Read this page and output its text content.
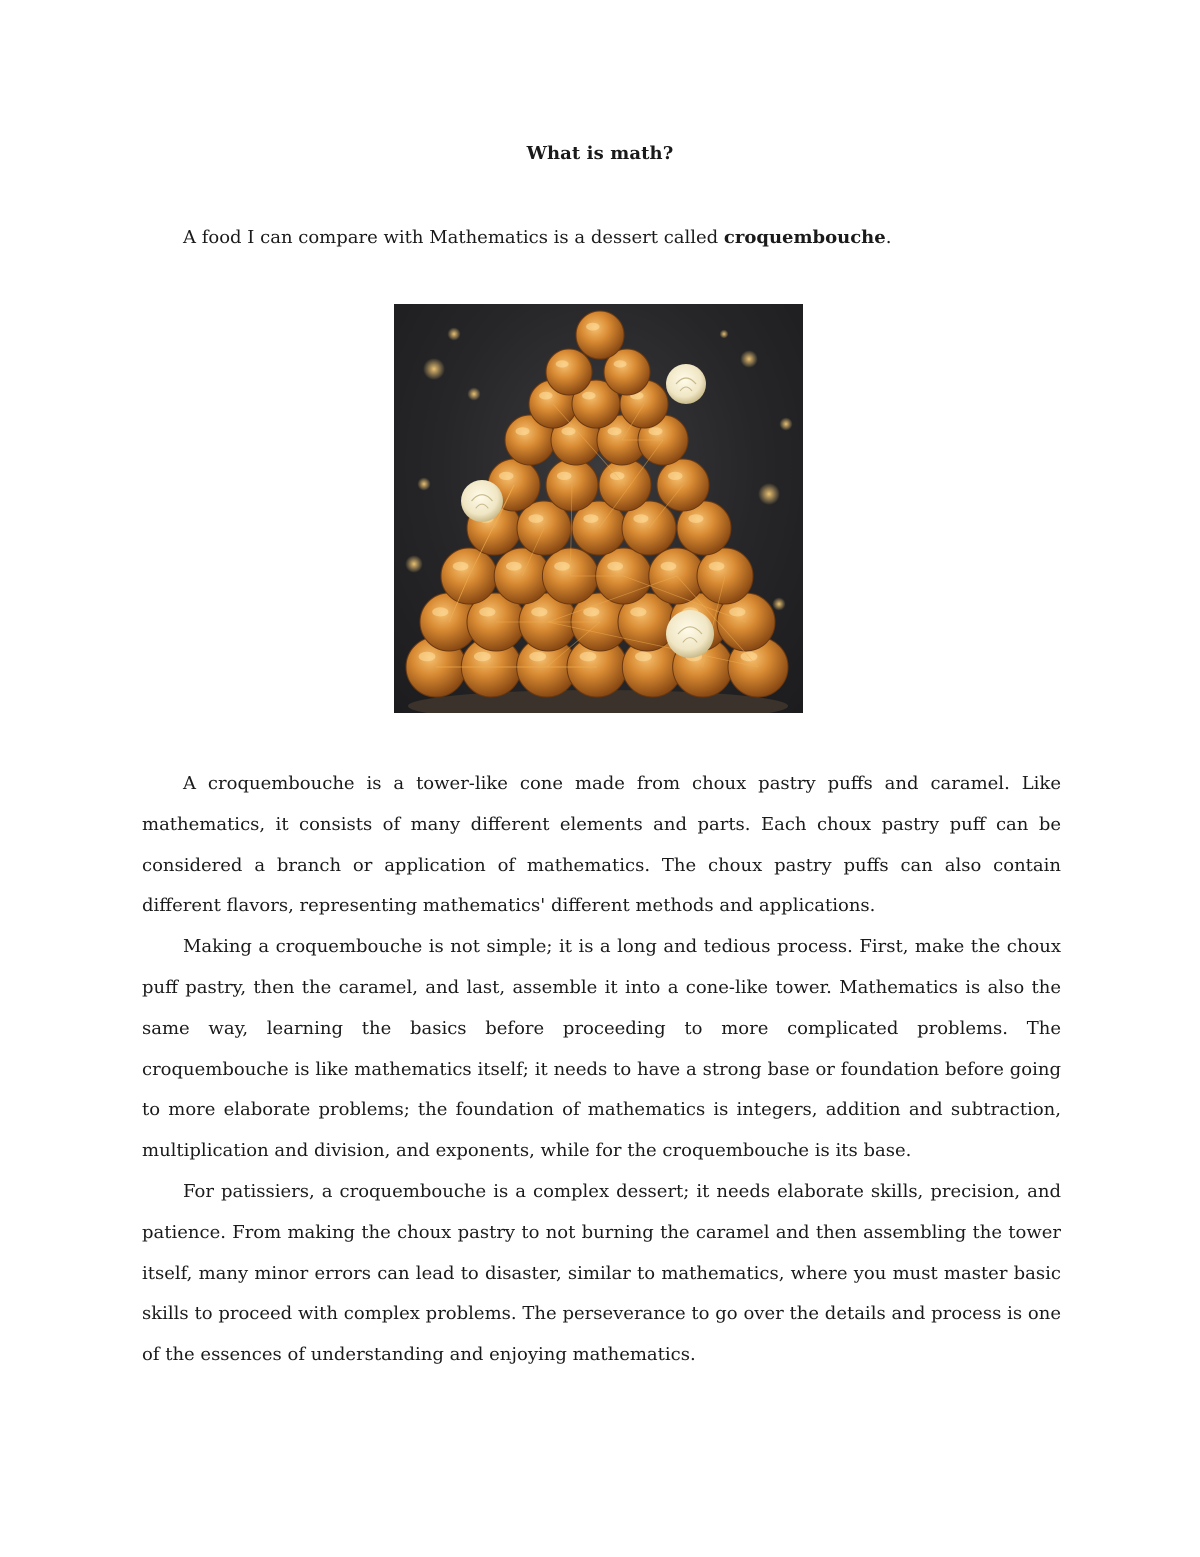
What is math?
A food I can compare with Mathematics is a dessert called croquembouche.

A croquembouche is a tower-like cone made from choux pastry puffs and caramel. Like mathematics, it consists of many different elements and parts. Each choux pastry puff can be considered a branch or application of mathematics. The choux pastry puffs can also contain different flavors, representing mathematics' different methods and applications.

Making a croquembouche is not simple; it is a long and tedious process. First, make the choux puff pastry, then the caramel, and last, assemble it into a cone-like tower. Mathematics is also the same way, learning the basics before proceeding to more complicated problems. The croquembouche is like mathematics itself; it needs to have a strong base or foundation before going to more elaborate problems; the foundation of mathematics is integers, addition and subtraction, multiplication and division, and exponents, while for the croquembouche is its base.

For patissiers, a croquembouche is a complex dessert; it needs elaborate skills, precision, and patience. From making the choux pastry to not burning the caramel and then assembling the tower itself, many minor errors can lead to disaster, similar to mathematics, where you must master basic skills to proceed with complex problems. The perseverance to go over the details and process is one of the essences of understanding and enjoying mathematics.
